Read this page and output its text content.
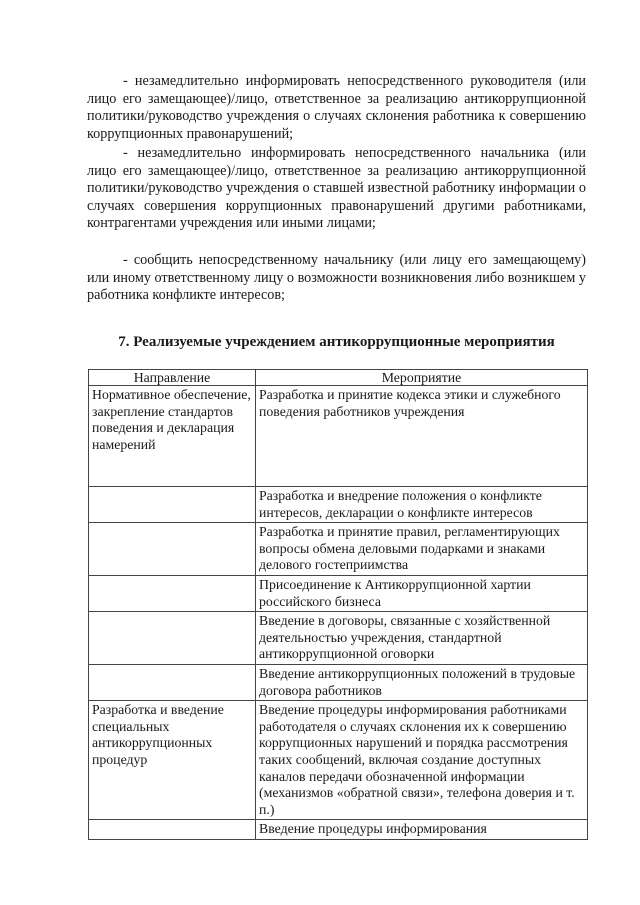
- незамедлительно информировать непосредственного руководителя (или лицо его замещающее)/лицо, ответственное за реализацию антикоррупционной политики/руководство учреждения о случаях склонения работника к совершению коррупционных правонарушений;

- незамедлительно информировать непосредственного начальника (или лицо его замещающее)/лицо, ответственное за реализацию антикоррупционной политики/руководство учреждения о ставшей известной работнику информации о случаях совершения коррупционных правонарушений другими работниками, контрагентами учреждения или иными лицами;

- сообщить непосредственному начальнику (или лицу его замещающему) или иному ответственному лицу о возможности возникновения либо возникшем у работника конфликте интересов;

7. Реализуемые учреждением антикоррупционные мероприятия
Направление	Мероприятие
Нормативное обеспечение, закрепление стандартов поведения и декларация намерений	Разработка и принятие кодекса этики и служебного поведения работников учреждения
	Разработка и внедрение положения о конфликте интересов, декларации о конфликте интересов
	Разработка и принятие правил, регламентирующих вопросы обмена деловыми подарками и знаками делового гостеприимства
	Присоединение к Антикоррупционной хартии российского бизнеса
	Введение в договоры, связанные с хозяйственной деятельностью учреждения, стандартной антикоррупционной оговорки
	Введение антикоррупционных положений в трудовые договора работников
Разработка и введение специальных антикоррупционных процедур	Введение процедуры информирования работниками работодателя о случаях склонения их к совершению коррупционных нарушений и порядка рассмотрения таких сообщений, включая создание доступных каналов передачи обозначенной информации (механизмов «обратной связи», телефона доверия и т. п.)
	Введение процедуры информирования
